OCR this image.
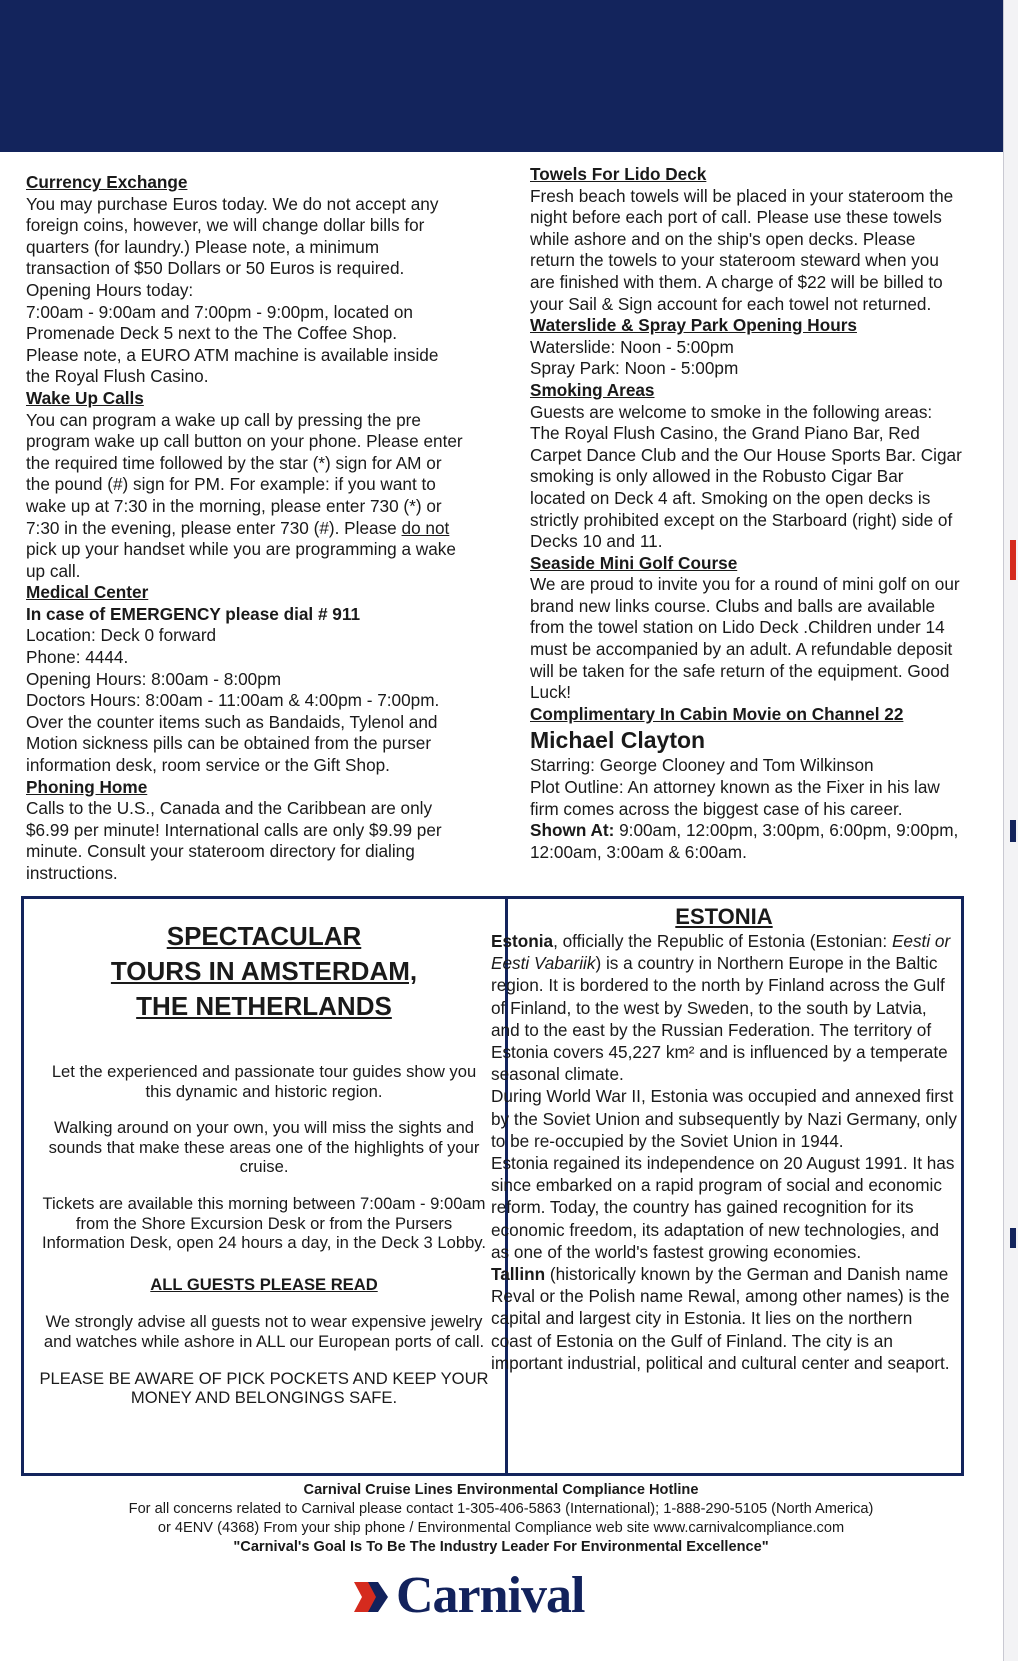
Currency Exchange
You may purchase Euros today. We do not accept any foreign coins, however, we will change dollar bills for quarters (for laundry.) Please note, a minimum transaction of $50 Dollars or 50 Euros is required. Opening Hours today:
7:00am - 9:00am and 7:00pm - 9:00pm, located on Promenade Deck 5 next to the The Coffee Shop.
Please note, a EURO ATM machine is available inside the Royal Flush Casino.
Wake Up Calls
You can program a wake up call by pressing the pre program wake up call button on your phone. Please enter the required time followed by the star (*) sign for AM or the pound (#) sign for PM. For example: if you want to wake up at 7:30 in the morning, please enter 730 (*) or 7:30 in the evening, please enter 730 (#). Please do not pick up your handset while you are programming a wake up call.
Medical Center
In case of EMERGENCY please dial # 911
Location: Deck 0 forward
Phone: 4444.
Opening Hours: 8:00am - 8:00pm
Doctors Hours: 8:00am - 11:00am & 4:00pm - 7:00pm. Over the counter items such as Bandaids, Tylenol and Motion sickness pills can be obtained from the purser information desk, room service or the Gift Shop.
Phoning Home
Calls to the U.S., Canada and the Caribbean are only $6.99 per minute! International calls are only $9.99 per minute. Consult your stateroom directory for dialing instructions.
Towels For Lido Deck
Fresh beach towels will be placed in your stateroom the night before each port of call. Please use these towels while ashore and on the ship's open decks. Please return the towels to your stateroom steward when you are finished with them. A charge of $22 will be billed to your Sail & Sign account for each towel not returned.
Waterslide & Spray Park Opening Hours
Waterslide: Noon - 5:00pm
Spray Park: Noon - 5:00pm
Smoking Areas
Guests are welcome to smoke in the following areas: The Royal Flush Casino, the Grand Piano Bar, Red Carpet Dance Club and the Our House Sports Bar. Cigar smoking is only allowed in the Robusto Cigar Bar located on Deck 4 aft. Smoking on the open decks is strictly prohibited except on the Starboard (right) side of Decks 10 and 11.
Seaside Mini Golf Course
We are proud to invite you for a round of mini golf on our brand new links course. Clubs and balls are available from the towel station on Lido Deck .Children under 14 must be accompanied by an adult. A refundable deposit will be taken for the safe return of the equipment. Good Luck!
Complimentary In Cabin Movie on Channel 22
Michael Clayton
Starring: George Clooney and Tom Wilkinson
Plot Outline: An attorney known as the Fixer in his law firm comes across the biggest case of his career.
Shown At: 9:00am, 12:00pm, 3:00pm, 6:00pm, 9:00pm, 12:00am, 3:00am & 6:00am.
SPECTACULAR
TOURS IN AMSTERDAM,
THE NETHERLANDS

Let the experienced and passionate tour guides show you this dynamic and historic region.

Walking around on your own, you will miss the sights and sounds that make these areas one of the highlights of your cruise.

Tickets are available this morning between 7:00am - 9:00am from the Shore Excursion Desk or from the Pursers Information Desk, open 24 hours a day, in the Deck 3 Lobby.

ALL GUESTS PLEASE READ

We strongly advise all guests not to wear expensive jewelry and watches while ashore in ALL our European ports of call.

PLEASE BE AWARE OF PICK POCKETS AND KEEP YOUR MONEY AND BELONGINGS SAFE.

ESTONIA
Estonia, officially the Republic of Estonia (Estonian: Eesti or Eesti Vabariik) is a country in Northern Europe in the Baltic region. It is bordered to the north by Finland across the Gulf of Finland, to the west by Sweden, to the south by Latvia, and to the east by the Russian Federation. The territory of Estonia covers 45,227 km² and is influenced by a temperate seasonal climate.
During World War II, Estonia was occupied and annexed first by the Soviet Union and subsequently by Nazi Germany, only to be re-occupied by the Soviet Union in 1944.
Estonia regained its independence on 20 August 1991. It has since embarked on a rapid program of social and economic reform. Today, the country has gained recognition for its economic freedom, its adaptation of new technologies, and as one of the world's fastest growing economies.
Tallinn (historically known by the German and Danish name Reval or the Polish name Rewal, among other names) is the capital and largest city in Estonia. It lies on the northern coast of Estonia on the Gulf of Finland. The city is an important industrial, political and cultural center and seaport.
Carnival Cruise Lines Environmental Compliance Hotline
For all concerns related to Carnival please contact 1-305-406-5863 (International); 1-888-290-5105 (North America)
or 4ENV (4368) From your ship phone / Environmental Compliance web site www.carnivalcompliance.com
"Carnival's Goal Is To Be The Industry Leader For Environmental Excellence"
Carnival
